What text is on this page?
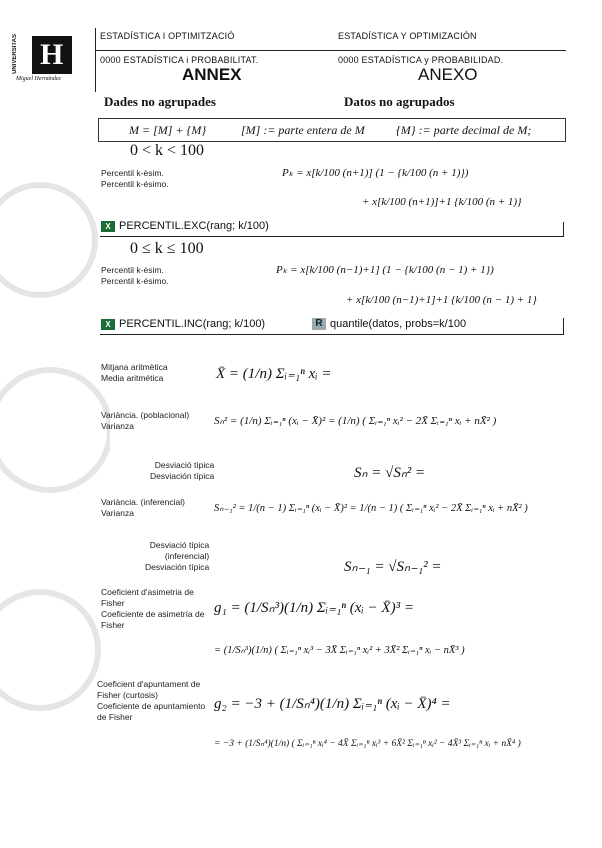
UNIVERSITAS H
Miguel Hernández
ESTADÍSTICA I OPTIMITZACIÓ	ESTADÍSTICA Y OPTIMIZACIÓN
0000 ESTADÍSTICA i PROBABILITAT.	0000 ESTADÍSTICA y PROBABILIDAD.
ANNEX	ANEXO
Dades no agrupades	Datos no agrupados
M = [M] + {M}	[M] := parte entera de M	{M} := parte decimal de M;
0 < k < 100
Percentil k-èsim.
Percentil k-ésimo.
Pₖ = x[k/100 (n+1)] (1 − {k/100 (n + 1)})
+ x[k/100 (n+1)]+1 {k/100 (n + 1)}
X PERCENTIL.EXC(rang; k/100)
0 ≤ k ≤ 100
Percentil k-èsim.
Percentil k-ésimo.
Pₖ = x[k/100 (n−1)+1] (1 − {k/100 (n − 1) + 1})
+ x[k/100 (n−1)+1]+1 {k/100 (n − 1) + 1}
X PERCENTIL.INC(rang; k/100)	R quantile(datos, probs=k/100
Mitjana aritmètica
Media aritmética	X̄ = (1/n) Σᵢ₌₁ⁿ xᵢ =
Variància. (poblacional)
Varianza	Sₙ² = (1/n) Σᵢ₌₁ⁿ (xᵢ − X̄)² = (1/n) ( Σᵢ₌₁ⁿ xᵢ² − 2X̄ Σᵢ₌₁ⁿ xᵢ + nX̄² )
Desviació típica
Desviación típica	Sₙ = √Sₙ² =
Variància. (inferencial)
Varianza	Sₙ₋₁² = 1/(n − 1) Σᵢ₌₁ⁿ (xᵢ − X̄)² = 1/(n − 1) ( Σᵢ₌₁ⁿ xᵢ² − 2X̄ Σᵢ₌₁ⁿ xᵢ + nX̄² )
Desviació típica
(inferencial)
Desviación típica	Sₙ₋₁ = √Sₙ₋₁² =
Coeficient d'asimetria de Fisher
Coeficiente de asimetría de Fisher
g₁ = (1/Sₙ³)(1/n) Σᵢ₌₁ⁿ (xᵢ − X̄)³ =
= (1/Sₙ³)(1/n) ( Σᵢ₌₁ⁿ xᵢ³ − 3X̄ Σᵢ₌₁ⁿ xᵢ² + 3X̄² Σᵢ₌₁ⁿ xᵢ − nX̄³ )
Coeficient d'apuntament de Fisher (curtosis)
Coeficiente de apuntamiento de Fisher
g₂ = −3 + (1/Sₙ⁴)(1/n) Σᵢ₌₁ⁿ (xᵢ − X̄)⁴ =
= −3 + (1/Sₙ⁴)(1/n) ( Σᵢ₌₁ⁿ xᵢ⁴ − 4X̄ Σᵢ₌₁ⁿ xᵢ³ + 6X̄² Σᵢ₌₁ⁿ xᵢ² − 4X̄³ Σᵢ₌₁ⁿ xᵢ + nX̄⁴ )
